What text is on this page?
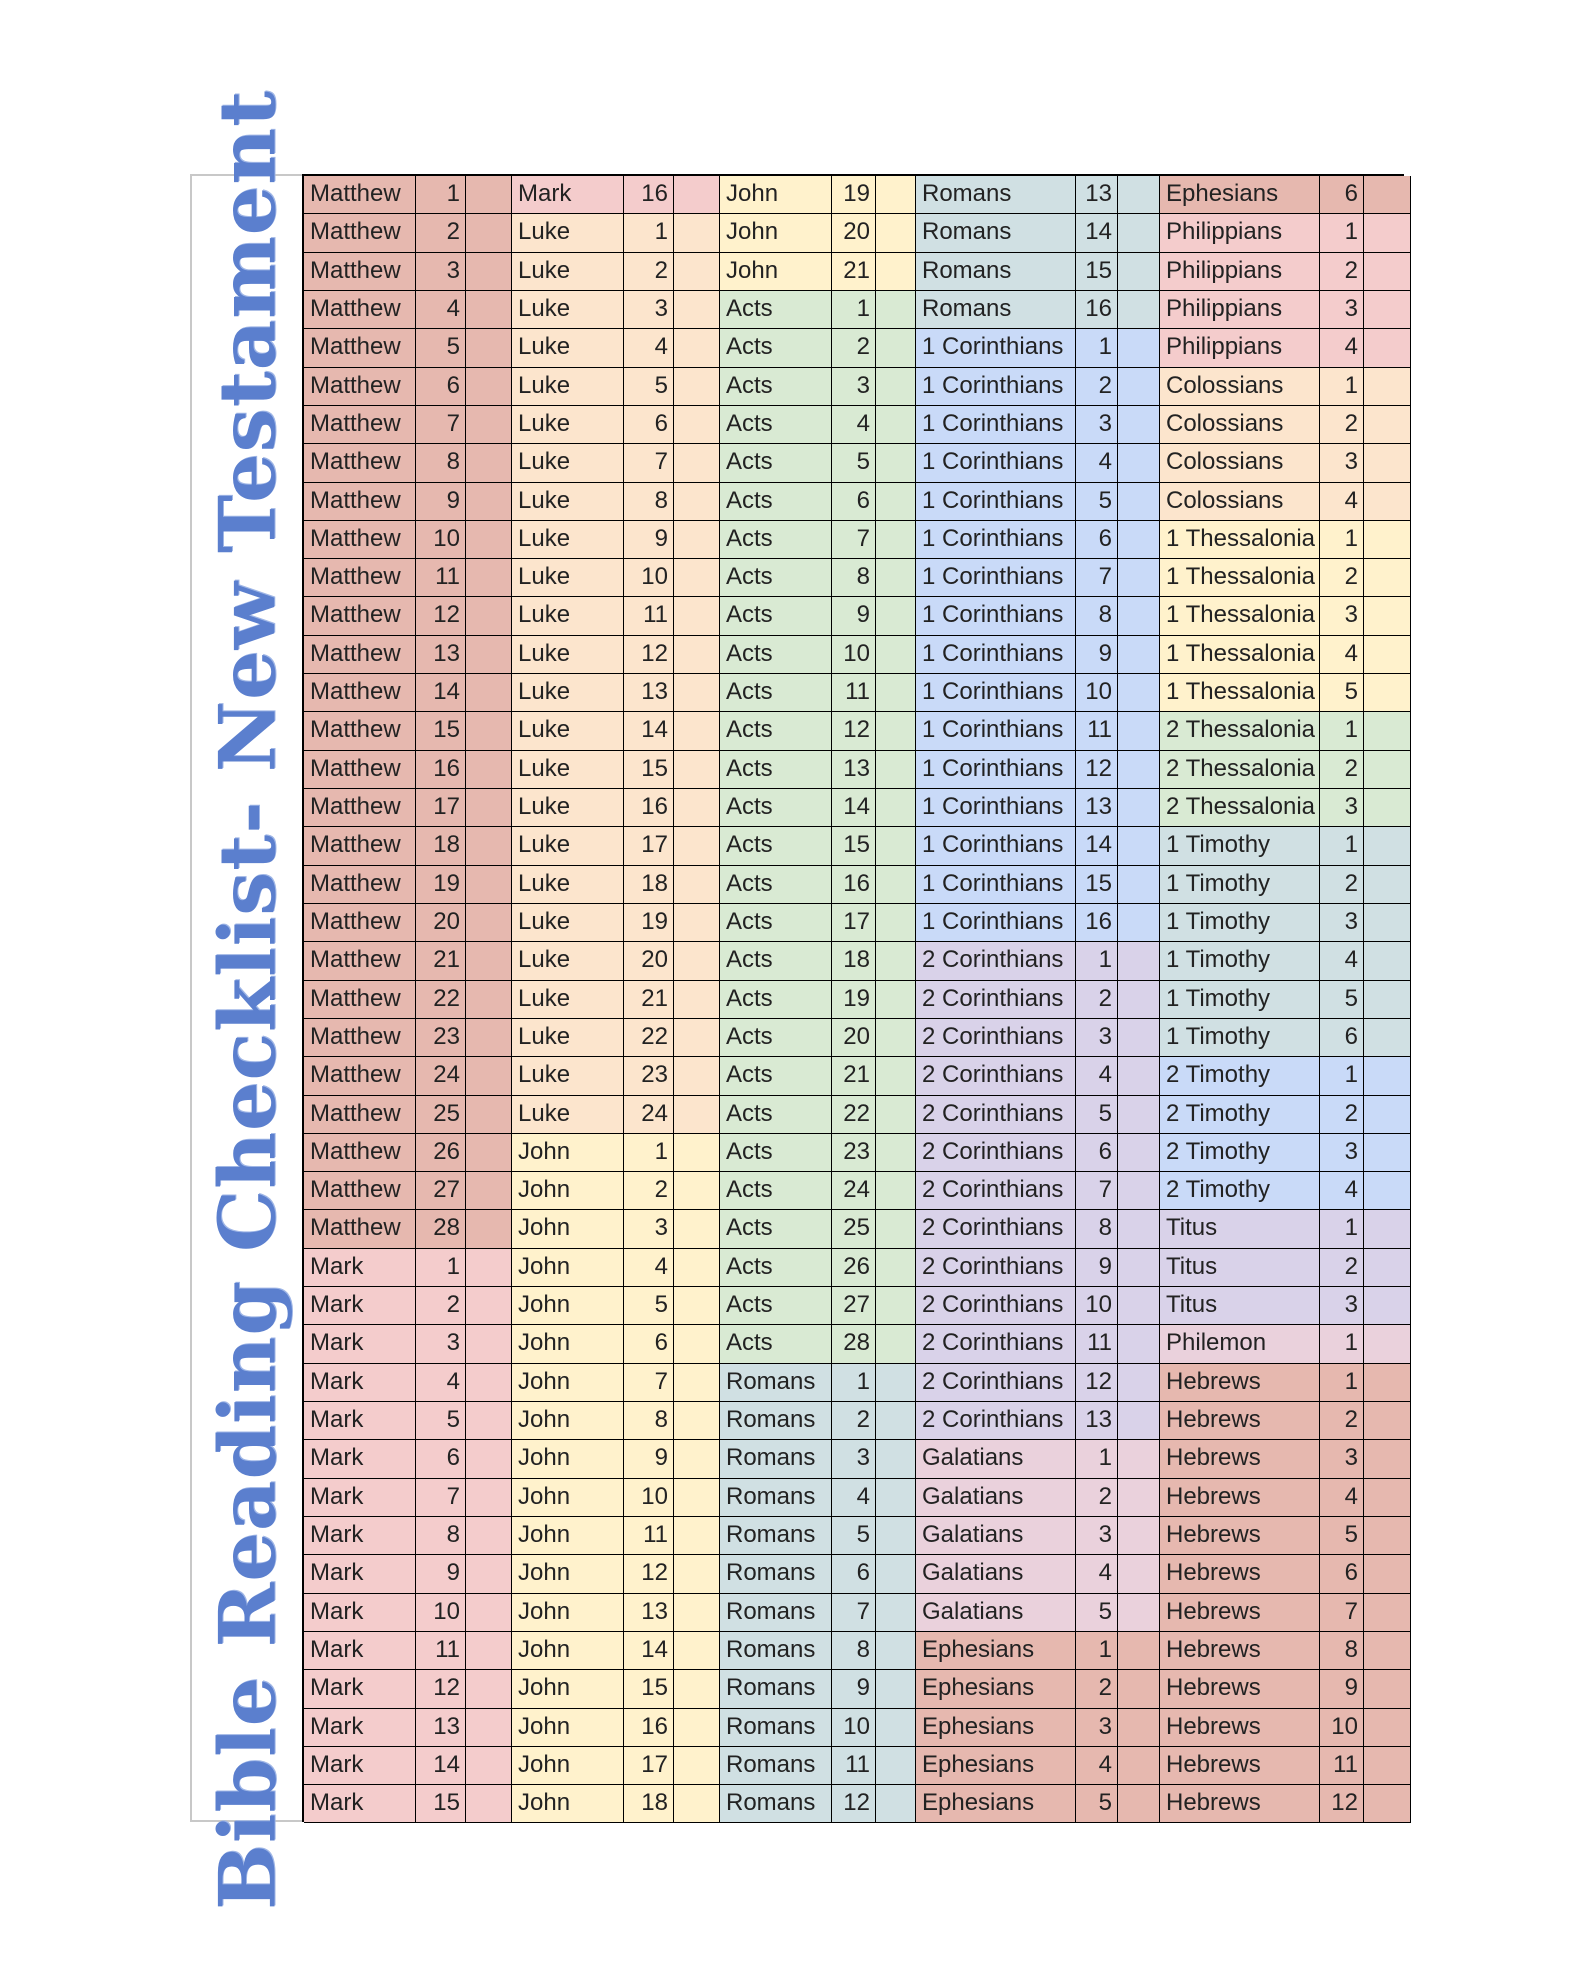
Bible Reading Checklist- New Testament Matthew	1 Mark	16 John	19 Romans	13 Ephesians	6
Matthew	2 Luke	1 John	20 Romans	14 Philippians	1
Matthew	3 Luke	2 John	21 Romans	15 Philippians	2
Matthew	4 Luke	3 Acts	1 Romans	16 Philippians	3
Matthew	5 Luke	4 Acts	2 1 Corinthians	1 Philippians	4
Matthew	6 Luke	5 Acts	3 1 Corinthians	2 Colossians	1
Matthew	7 Luke	6 Acts	4 1 Corinthians	3 Colossians	2
Matthew	8 Luke	7 Acts	5 1 Corinthians	4 Colossians	3
Matthew	9 Luke	8 Acts	6 1 Corinthians	5 Colossians	4
Matthew	10 Luke	9 Acts	7 1 Corinthians	6 1 Thessalonia	1
Matthew	11 Luke	10 Acts	8 1 Corinthians	7 1 Thessalonia	2
Matthew	12 Luke	11 Acts	9 1 Corinthians	8 1 Thessalonia	3
Matthew	13 Luke	12 Acts	10 1 Corinthians	9 1 Thessalonia	4
Matthew	14 Luke	13 Acts	11 1 Corinthians 10 1 Thessalonia	5
Matthew	15 Luke	14 Acts	12 1 Corinthians 11 2 Thessalonia	1
Matthew	16 Luke	15 Acts	13 1 Corinthians 12 2 Thessalonia	2
Matthew	17 Luke	16 Acts	14 1 Corinthians 13 2 Thessalonia	3
Matthew	18 Luke	17 Acts	15 1 Corinthians 14 1 Timothy	1
Matthew	19 Luke	18 Acts	16 1 Corinthians 15 1 Timothy	2
Matthew	20 Luke	19 Acts	17 1 Corinthians 16 1 Timothy	3
Matthew	21 Luke	20 Acts	18 2 Corinthians	1 1 Timothy	4
Matthew	22 Luke	21 Acts	19 2 Corinthians	2 1 Timothy	5
Matthew	23 Luke	22 Acts	20 2 Corinthians	3 1 Timothy	6
Matthew	24 Luke	23 Acts	21 2 Corinthians	4 2 Timothy	1
Matthew	25 Luke	24 Acts	22 2 Corinthians	5 2 Timothy	2
Matthew	26 John	1 Acts	23 2 Corinthians	6 2 Timothy	3
Matthew	27 John	2 Acts	24 2 Corinthians	7 2 Timothy	4
Matthew	28 John	3 Acts	25 2 Corinthians	8 Titus	1
Mark	1 John	4 Acts	26 2 Corinthians	9 Titus	2
Mark	2 John	5 Acts	27 2 Corinthians 10 Titus	3
Mark	3 John	6 Acts	28 2 Corinthians 11 Philemon	1
Mark	4 John	7 Romans	1 2 Corinthians 12 Hebrews	1
Mark	5 John	8 Romans	2 2 Corinthians 13 Hebrews	2
Mark	6 John	9 Romans	3 Galatians	1 Hebrews	3
Mark	7 John	10 Romans	4 Galatians	2 Hebrews	4
Mark	8 John	11 Romans	5 Galatians	3 Hebrews	5
Mark	9 John	12 Romans	6 Galatians	4 Hebrews	6
Mark	10 John	13 Romans	7 Galatians	5 Hebrews	7
Mark	11 John	14 Romans	8 Ephesians	1 Hebrews	8
Mark	12 John	15 Romans	9 Ephesians	2 Hebrews	9
Mark	13 John	16 Romans	10 Ephesians	3 Hebrews	10
Mark	14 John	17 Romans	11 Ephesians	4 Hebrews	11
Mark	15 John	18 Romans	12 Ephesians	5 Hebrews	12
